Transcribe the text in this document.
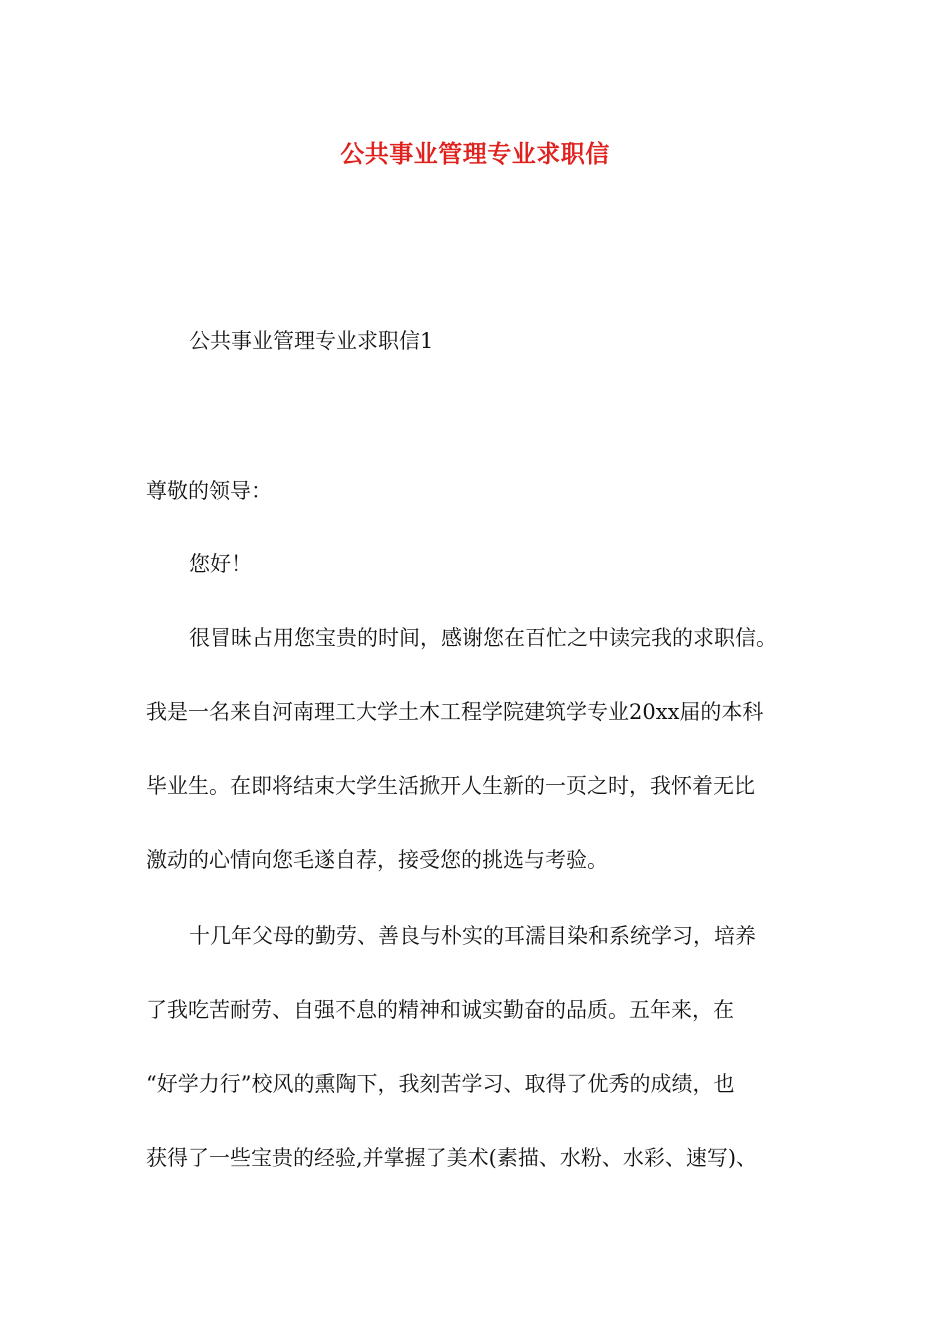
公共事业管理专业求职信
公共事业管理专业求职信1
尊敬的领导：
您好！
很冒昧占用您宝贵的时间，感谢您在百忙之中读完我的求职信。
我是一名来自河南理工大学土木工程学院建筑学专业20xx届的本科
毕业生。在即将结束大学生活掀开人生新的一页之时，我怀着无比
激动的心情向您毛遂自荐，接受您的挑选与考验。
十几年父母的勤劳、善良与朴实的耳濡目染和系统学习，培养
了我吃苦耐劳、自强不息的精神和诚实勤奋的品质。五年来，在
“好学力行”校风的熏陶下，我刻苦学习、取得了优秀的成绩，也
获得了一些宝贵的经验,并掌握了美术(素描、水粉、水彩、速写)、
